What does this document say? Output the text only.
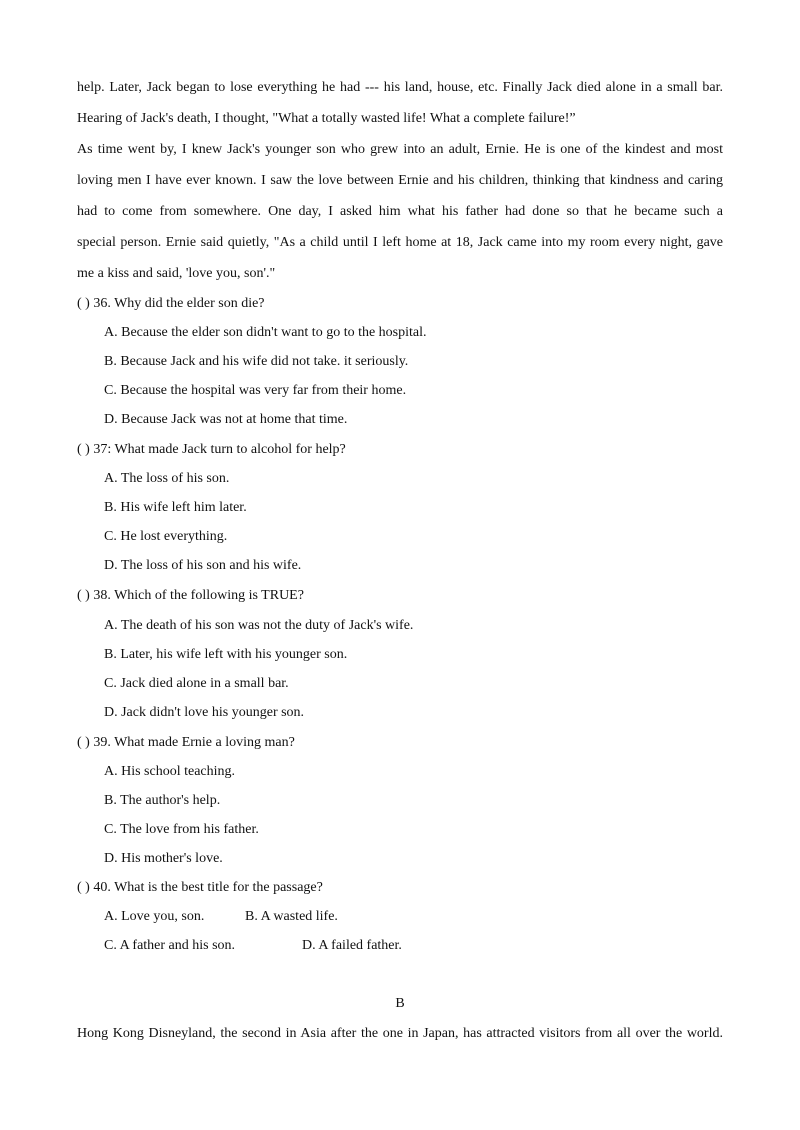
help. Later, Jack began to lose everything he had --- his land, house, etc. Finally Jack died alone in a small bar.
Hearing of Jack's death, I thought, "What a totally wasted life! What a complete failure!”
As time went by, I knew Jack's younger son who grew into an adult, Ernie. He is one of the kindest and most
loving men I have ever known. I saw the love between Ernie and his children, thinking that kindness and caring
had to come from somewhere. One day, I asked him what his father had done so that he became such a
special person. Ernie said quietly, "As a child until I left home at 18, Jack came into my room every night, gave
me a kiss and said, 'love you, son'."
( ) 36. Why did the elder son die?
A. Because the elder son didn't want to go to the hospital.
B. Because Jack and his wife did not take. it seriously.
C. Because the hospital was very far from their home.
D. Because Jack was not at home that time.
( ) 37: What made Jack turn to alcohol for help?
A. The loss of his son.
B. His wife left him later.
C. He lost everything.
D. The loss of his son and his wife.
( ) 38. Which of the following is TRUE?
A. The death of his son was not the duty of Jack's wife.
B. Later, his wife left with his younger son.
C. Jack died alone in a small bar.
D. Jack didn't love his younger son.
( ) 39. What made Ernie a loving man?
A. His school teaching.
B. The author's help.
C. The love from his father.
D. His mother's love.
( ) 40. What is the best title for the passage?
A. Love you, son.	B. A wasted life.
C. A father and his son.	D. A failed father.
B
Hong Kong Disneyland, the second in Asia after the one in Japan, has attracted visitors from all over the world.
